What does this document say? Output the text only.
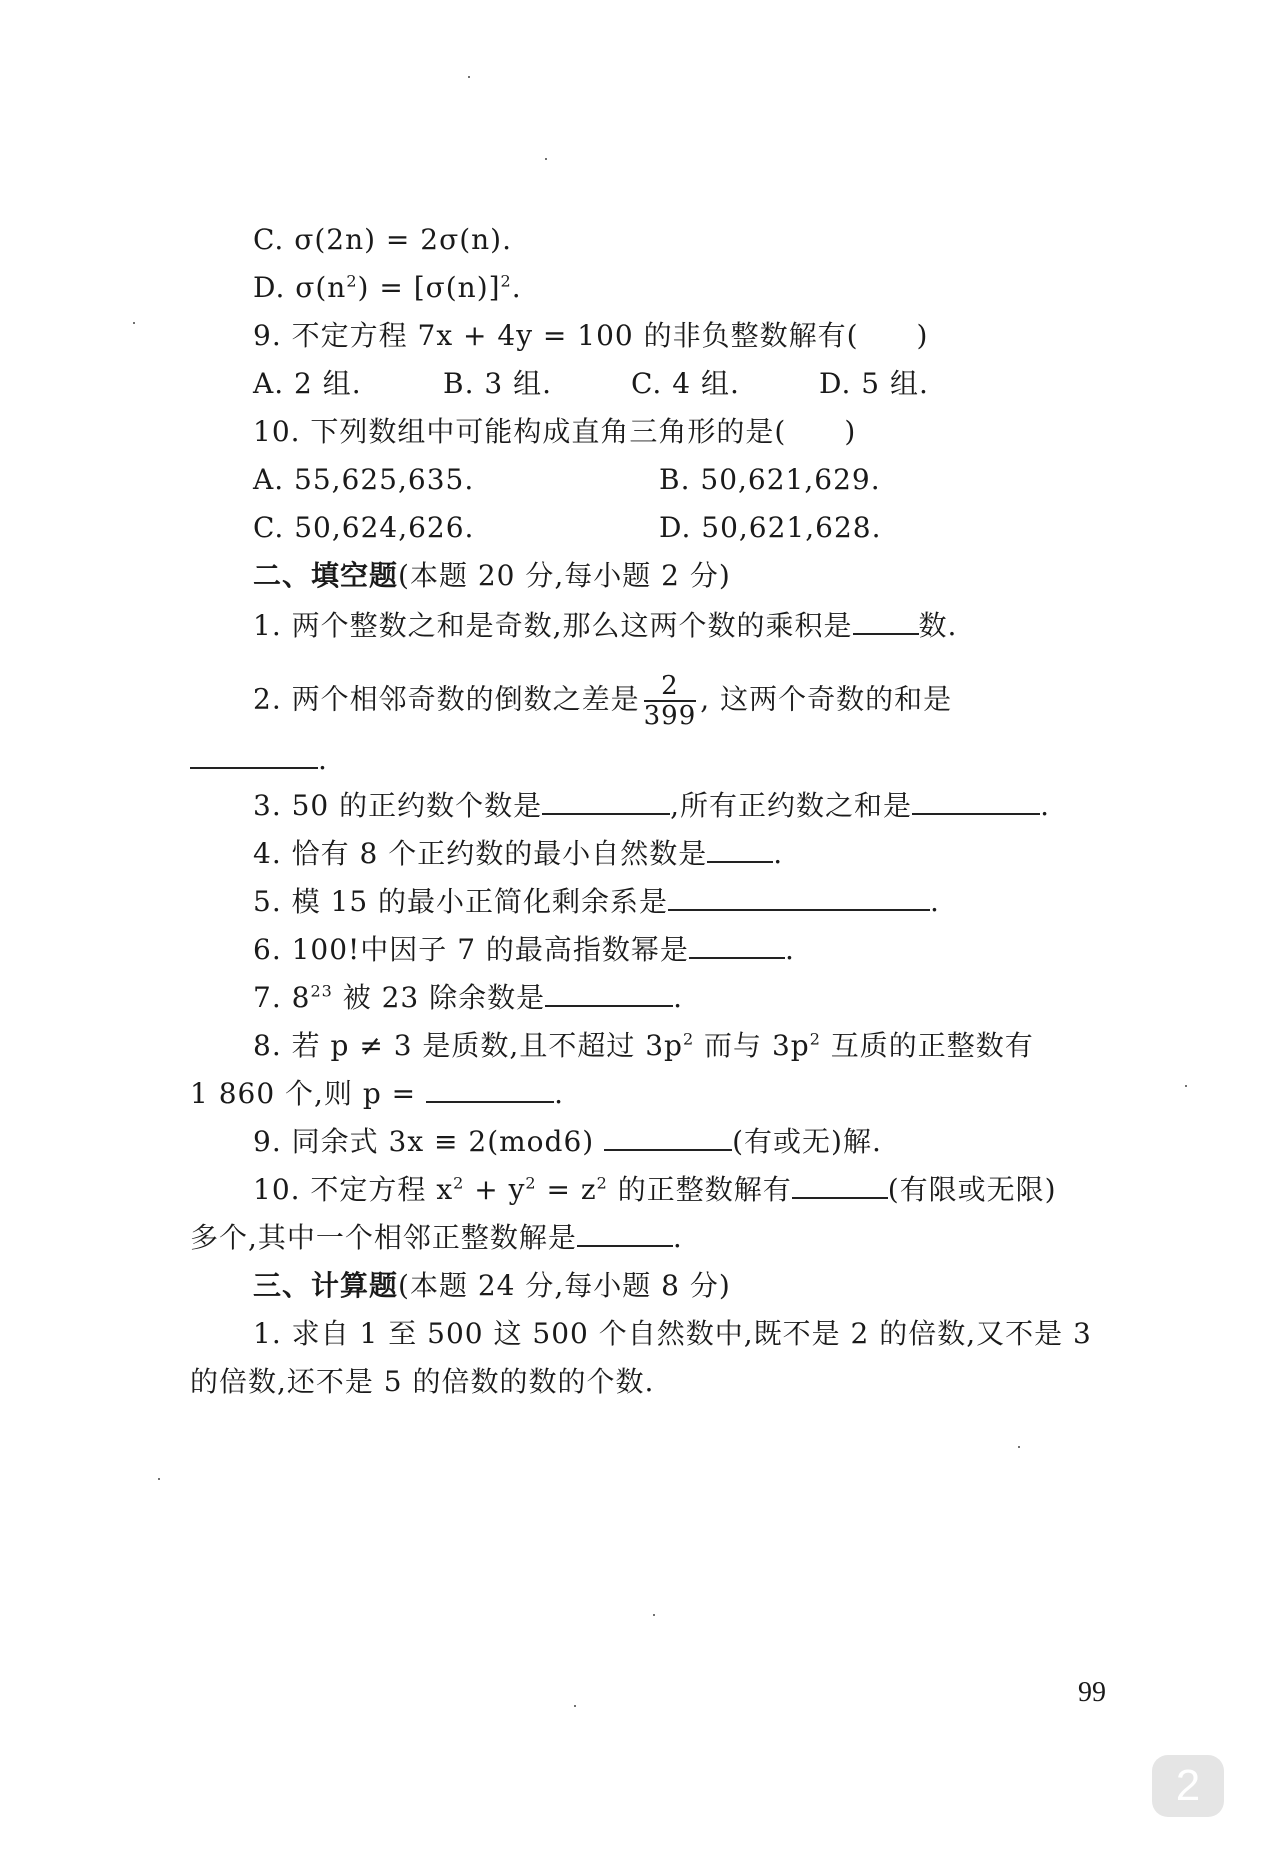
C. σ(2n) = 2σ(n).
D. $\sigma(n^2) = [\sigma(n)]^2$.
9. 不定方程 7x + 4y = 100 的非负整数解有(　　)
A. 2 组.	B. 3 组.	C. 4 组.	D. 5 组.
10. 下列数组中可能构成直角三角形的是(　　)
A. 55,625,635.	B. 50,621,629.
C. 50,624,626.	D. 50,621,628.
二、填空题(本题 20 分,每小题 2 分)
1. 两个整数之和是奇数,那么这两个数的乘积是 数.
2. 两个相邻奇数的倒数之差是 $\frac{2}{399}$ , 这两个奇数的和是
.
3. 50 的正约数个数是	,所有正约数之和是	.
4. 恰有 8 个正约数的最小自然数是 .
5. 模 15 的最小正简化剩余系是	.
6. 100!中因子 7 的最高指数幂是	.
7. $8^{23}$ 被 23 除余数是	.
8. 若 p ≠ 3 是质数,且不超过 $3p^2$ 而与 $3p^2$ 互质的正整数有
1 860 个,则 p =	.
9. 同余式 3x ≡ 2(mod6)	(有或无)解.
10. 不定方程 $x^2 + y^2 = z^2$ 的正整数解有	(有限或无限)
多个,其中一个相邻正整数解是	.
三、计算题(本题 24 分,每小题 8 分)
1. 求自 1 至 500 这 500 个自然数中,既不是 2 的倍数,又不是 3
的倍数,还不是 5 的倍数的数的个数.
99
2
